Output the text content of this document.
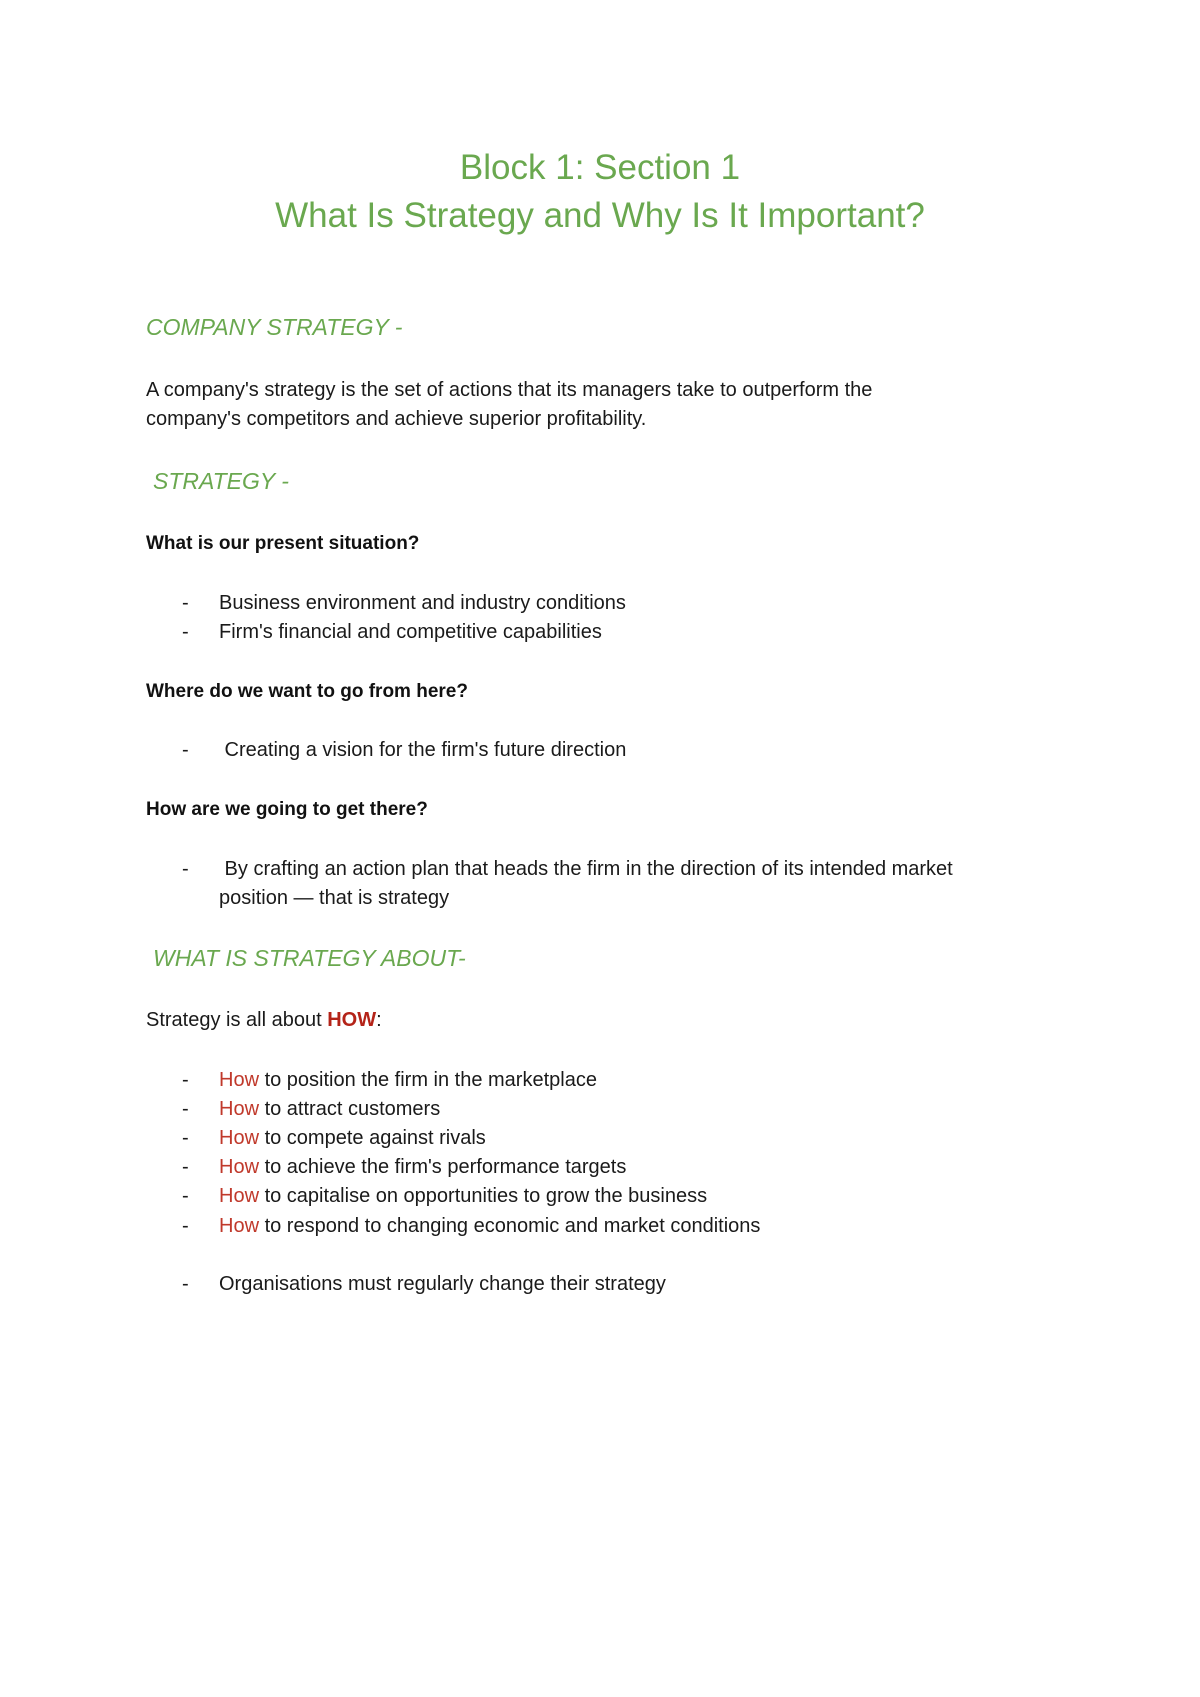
Block 1: Section 1
What Is Strategy and Why Is It Important?
COMPANY STRATEGY -

A company's strategy is the set of actions that its managers take to outperform the

company's competitors and achieve superior profitability.

STRATEGY -

What is our present situation?

- Business environment and industry conditions
- Firm's financial and competitive capabilities

Where do we want to go from here?

- Creating a vision for the firm's future direction

How are we going to get there?

- By crafting an action plan that heads the firm in the direction of its intended market
position — that is strategy
WHAT IS STRATEGY ABOUT-

Strategy is all about HOW:

- How to position the firm in the marketplace
- How to attract customers
- How to compete against rivals
- How to achieve the firm's performance targets
- How to capitalise on opportunities to grow the business
- How to respond to changing economic and market conditions
- Organisations must regularly change their strategy
